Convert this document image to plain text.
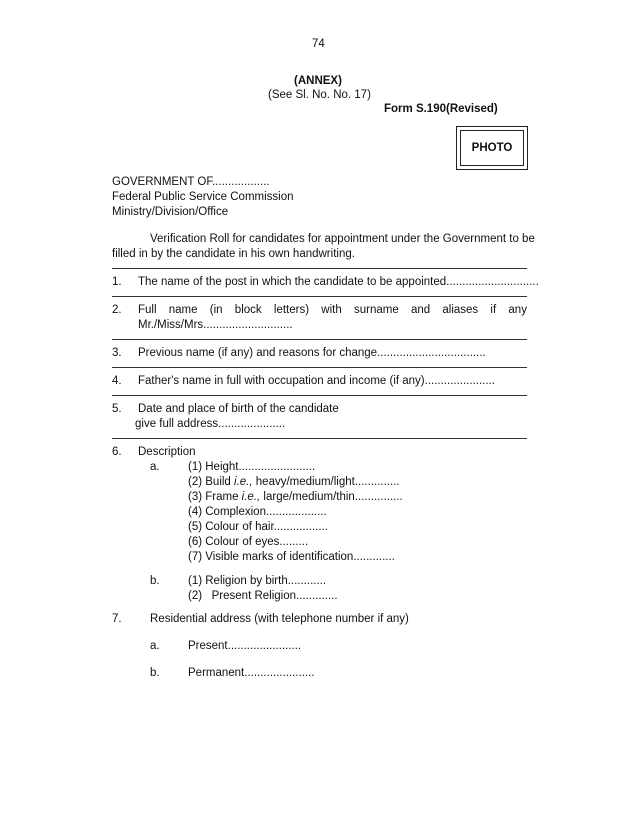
74
(ANNEX)
(See Sl. No. No. 17)
Form S.190(Revised)
PHOTO
GOVERNMENT OF..................
Federal Public Service Commission
Ministry/Division/Office
Verification Roll for candidates for appointment under the Government to be
filled in by the candidate in his own handwriting.
1. The name of the post in which the candidate to be appointed.............................
2. Full name (in block letters) with surname and aliases if any
Mr./Miss/Mrs............................
3. Previous name (if any) and reasons for change..................................
4. Father's name in full with occupation and income (if any)......................
5. Date and place of birth of the candidate
give full address.....................
6. Description
a. (1) Height........................
(2) Build i.e., heavy/medium/light..............
(3) Frame i.e., large/medium/thin...............
(4) Complexion...................
(5) Colour of hair.................
(6) Colour of eyes.........
(7) Visible marks of identification.............
b. (1) Religion by birth............
(2)   Present Religion.............
7. Residential address (with telephone number if any)
a. Present.......................
b. Permanent......................
